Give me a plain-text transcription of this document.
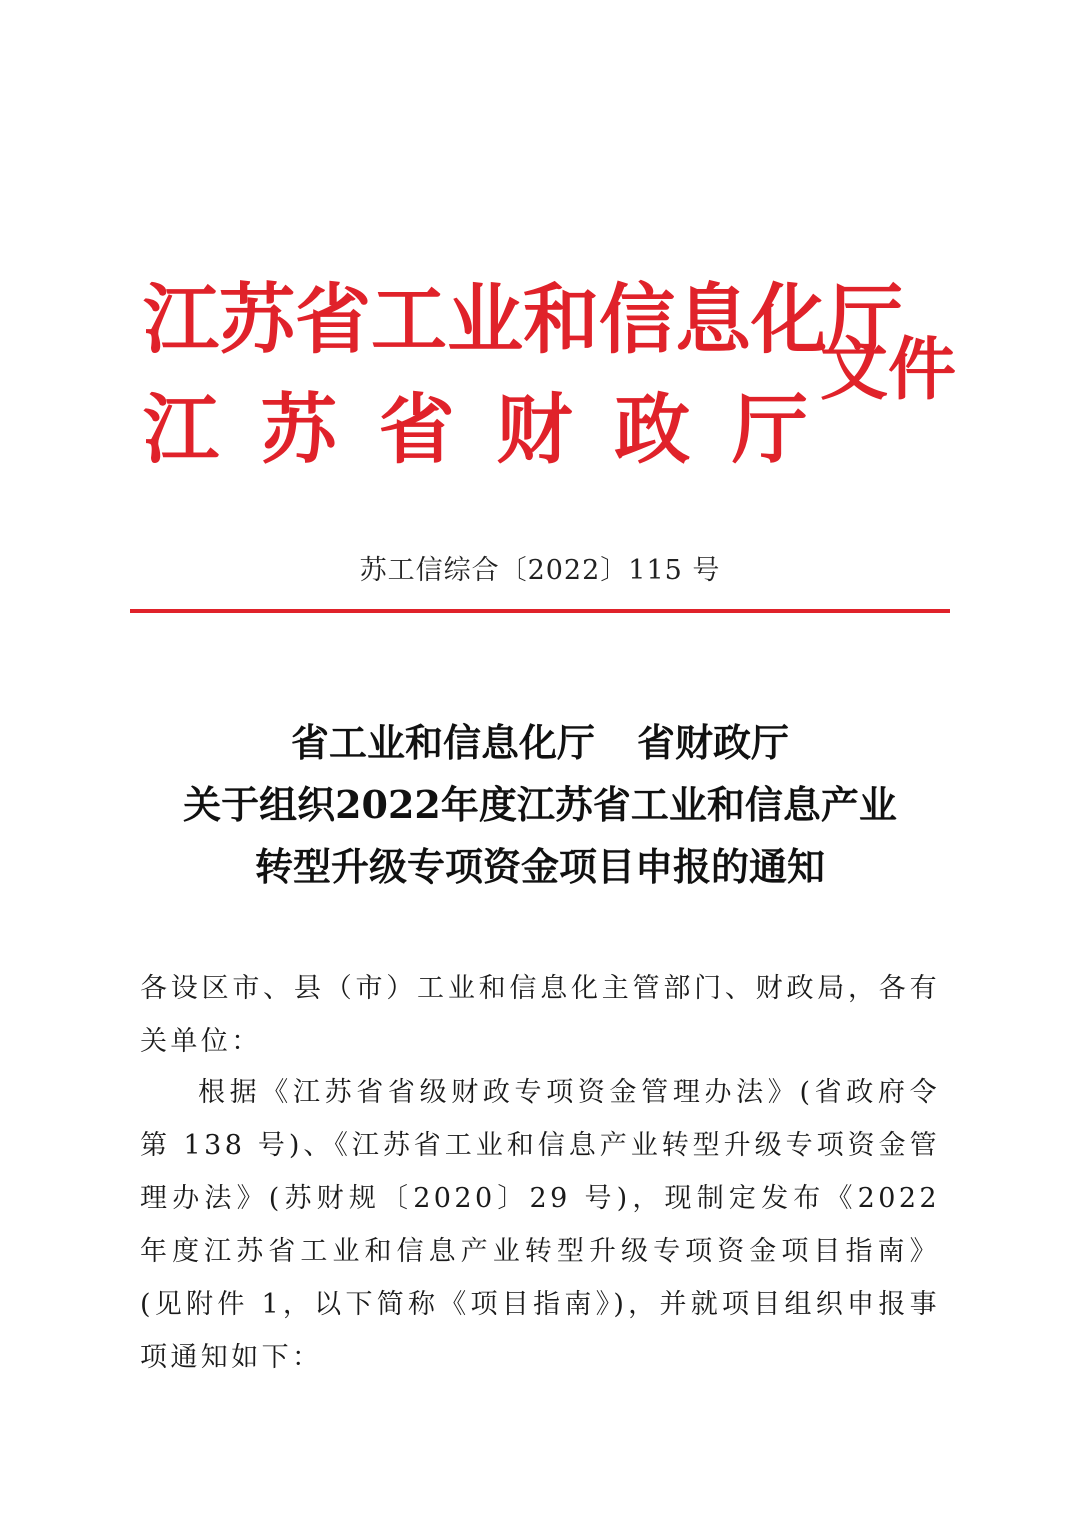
江苏省工业和信息化厅
江 苏 省 财 政 厅
文件
苏工信综合〔2022〕115 号
省工业和信息化厅 省财政厅
关于组织2022年度江苏省工业和信息产业
转型升级专项资金项目申报的通知
各设区市、县（市）工业和信息化主管部门、财政局，各有关单位：
根据《江苏省省级财政专项资金管理办法》(省政府令第 138 号)、《江苏省工业和信息产业转型升级专项资金管理办法》(苏财规〔2020〕29 号)，现制定发布《2022 年度江苏省工业和信息产业转型升级专项资金项目指南》(见附件 1，以下简称《项目指南》)，并就项目组织申报事项通知如下：
